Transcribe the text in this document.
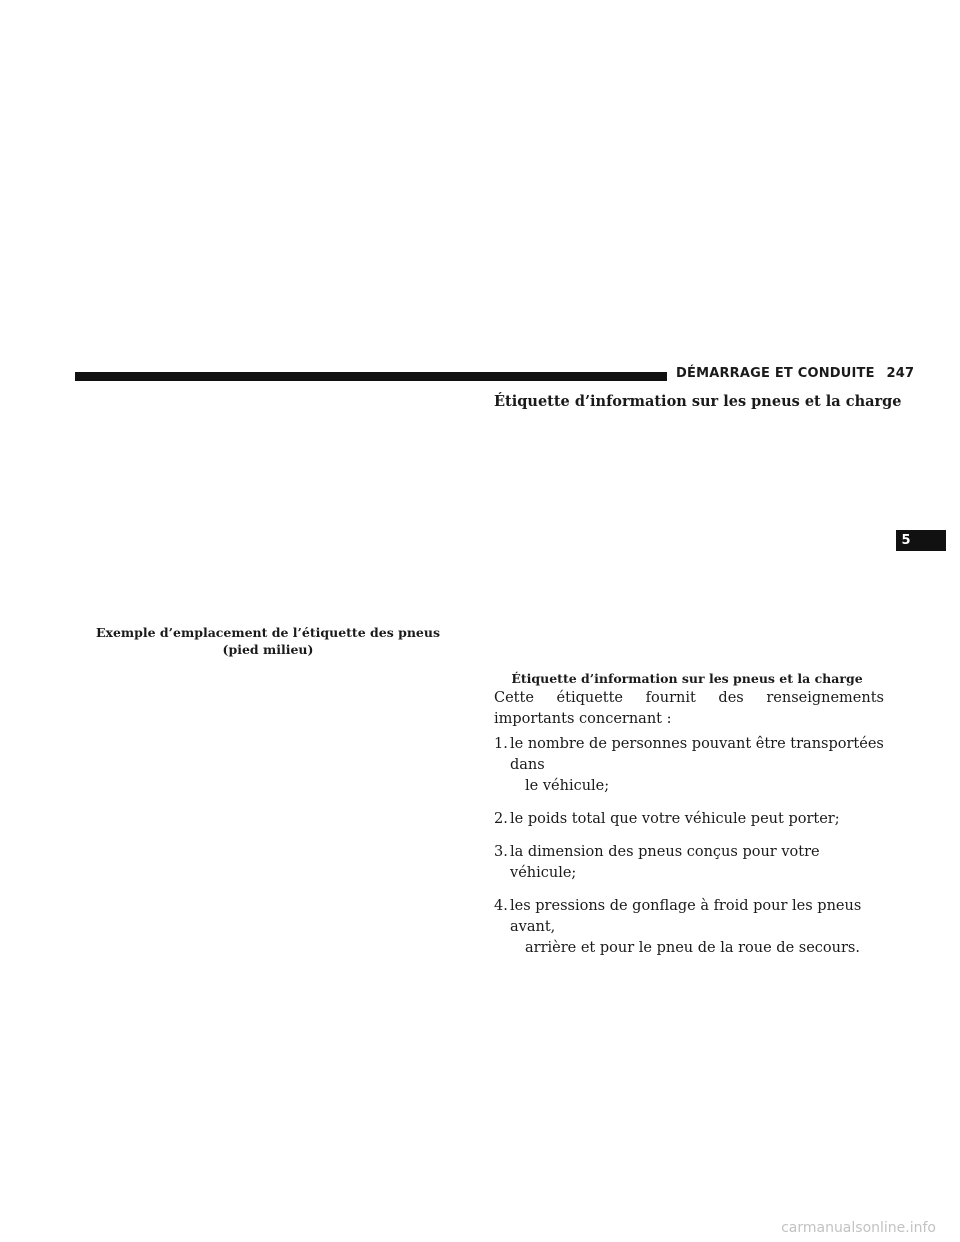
DÉMARRAGE ET CONDUITE 247
Étiquette d’information sur les pneus et la charge
Exemple d’emplacement de l’étiquette des pneus (pied milieu)
Étiquette d’information sur les pneus et la charge
5
Cette étiquette fournit des renseignements importants concernant :
1. le nombre de personnes pouvant être transportées dans
le véhicule;
2. le poids total que votre véhicule peut porter;
3. la dimension des pneus conçus pour votre véhicule;
4. les pressions de gonflage à froid pour les pneus avant,
arrière et pour le pneu de la roue de secours.
carmanualsonline.info
